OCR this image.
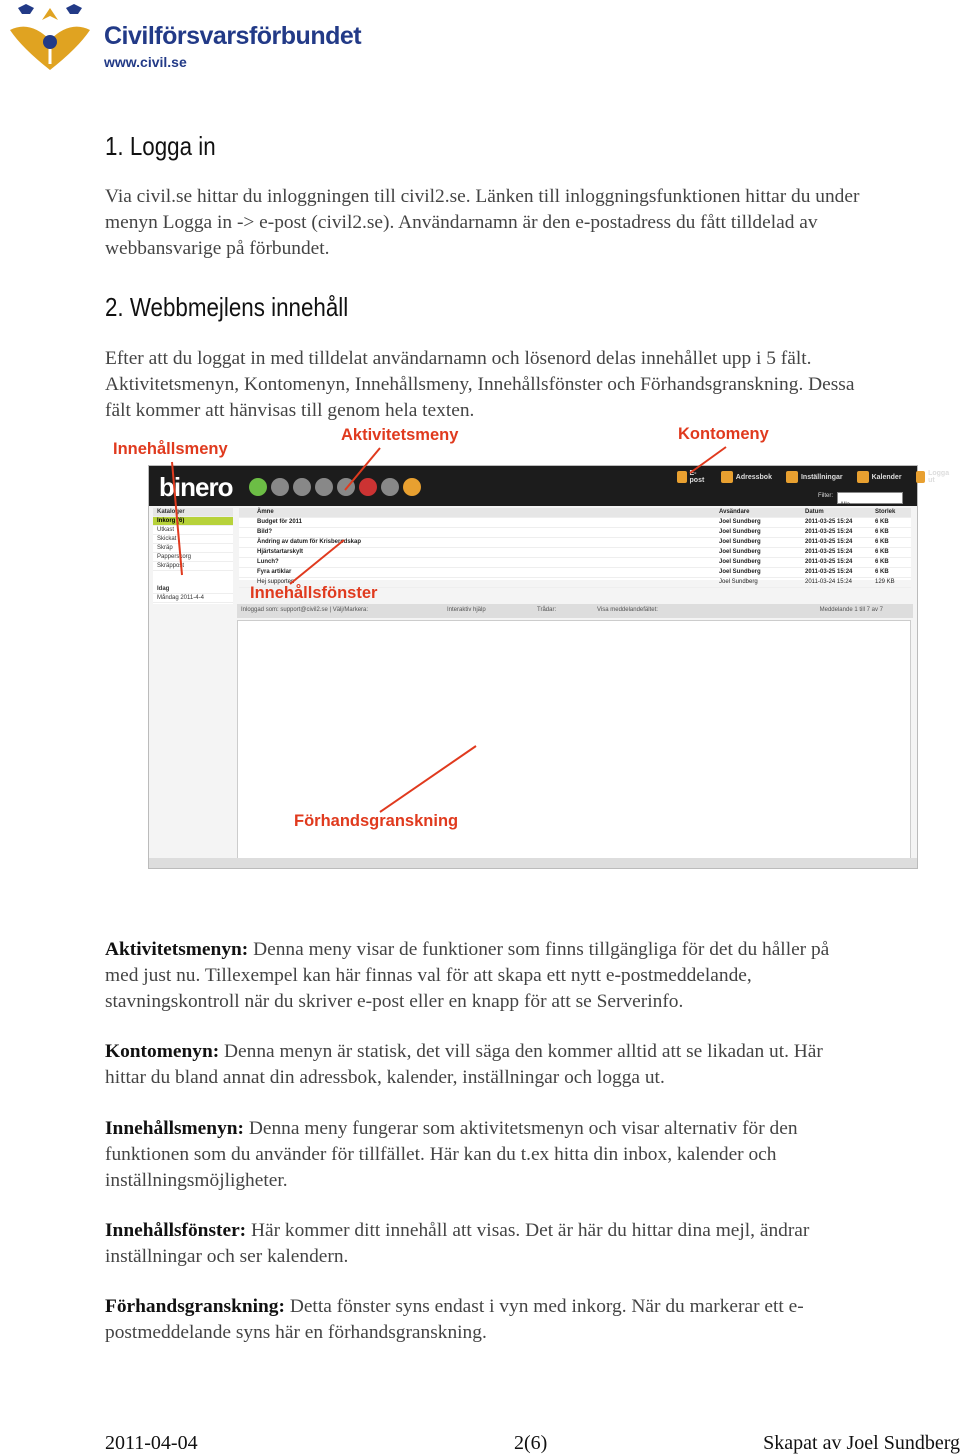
Civilförsvarsförbundet
www.civil.se
1. Logga in

Via civil.se hittar du inloggningen till civil2.se. Länken till inloggningsfunktionen hittar du under
menyn Logga in -> e-post (civil2.se). Användarnamn är den e-postadress du fått tilldelad av
webbansvarige på förbundet.

2. Webbmejlens innehåll

Efter att du loggat in med tilldelat användarnamn och lösenord delas innehållet upp i 5 fält.
Aktivitetsmenyn, Kontomenyn, Innehållsmeny, Innehållsfönster och Förhandsgranskning. Dessa
fält kommer att hänvisas till genom hela texten.

Innehållsmeny
Aktivitetsmeny	Kontomeny
binero	E-post	Adressbok	Inställningar	Kalender	Logga ut
Filter:
Alla
Kataloger
Inkorg (6)
Utkast
Skickat
Skräp
Papperskorg
Skräppost
Idag
Måndag 2011-4-4
Ämne	Avsändare	Datum	Storlek
Budget för 2011	Joel Sundberg	2011-03-25 15:24	6 KB
Bild?	Joel Sundberg	2011-03-25 15:24	6 KB
Ändring av datum för Krisberedskap	Joel Sundberg	2011-03-25 15:24	6 KB
Hjärtstartarskylt	Joel Sundberg	2011-03-25 15:24	6 KB
Lunch?	Joel Sundberg	2011-03-25 15:24	6 KB
Fyra artiklar	Joel Sundberg	2011-03-25 15:24	6 KB
Hej supporten	Joel Sundberg	2011-03-24 15:24	129 KB
Inloggad som: support@civil2.se | Välj/Markera:	Interaktiv hjälp	Trådar:	Visa meddelandefältet:	Meddelande 1 till 7 av 7
Innehållsfönster
Förhandsgranskning

Aktivitetsmenyn: Denna meny visar de funktioner som finns tillgängliga för det du håller på
med just nu. Tillexempel kan här finnas val för att skapa ett nytt e-postmeddelande,
stavningskontroll när du skriver e-post eller en knapp för att se Serverinfo.

Kontomenyn: Denna menyn är statisk, det vill säga den kommer alltid att se likadan ut. Här
hittar du bland annat din adressbok, kalender, inställningar och logga ut.

Innehållsmenyn: Denna meny fungerar som aktivitetsmenyn och visar alternativ för den
funktionen som du använder för tillfället. Här kan du t.ex hitta din inbox, kalender och
inställningsmöjligheter.

Innehållsfönster: Här kommer ditt innehåll att visas. Det är här du hittar dina mejl, ändrar
inställningar och ser kalendern.

Förhandsgranskning: Detta fönster syns endast i vyn med inkorg. När du markerar ett e-
postmeddelande syns här en förhandsgranskning.

2011-04-04	2(6)	Skapat av Joel Sundberg
